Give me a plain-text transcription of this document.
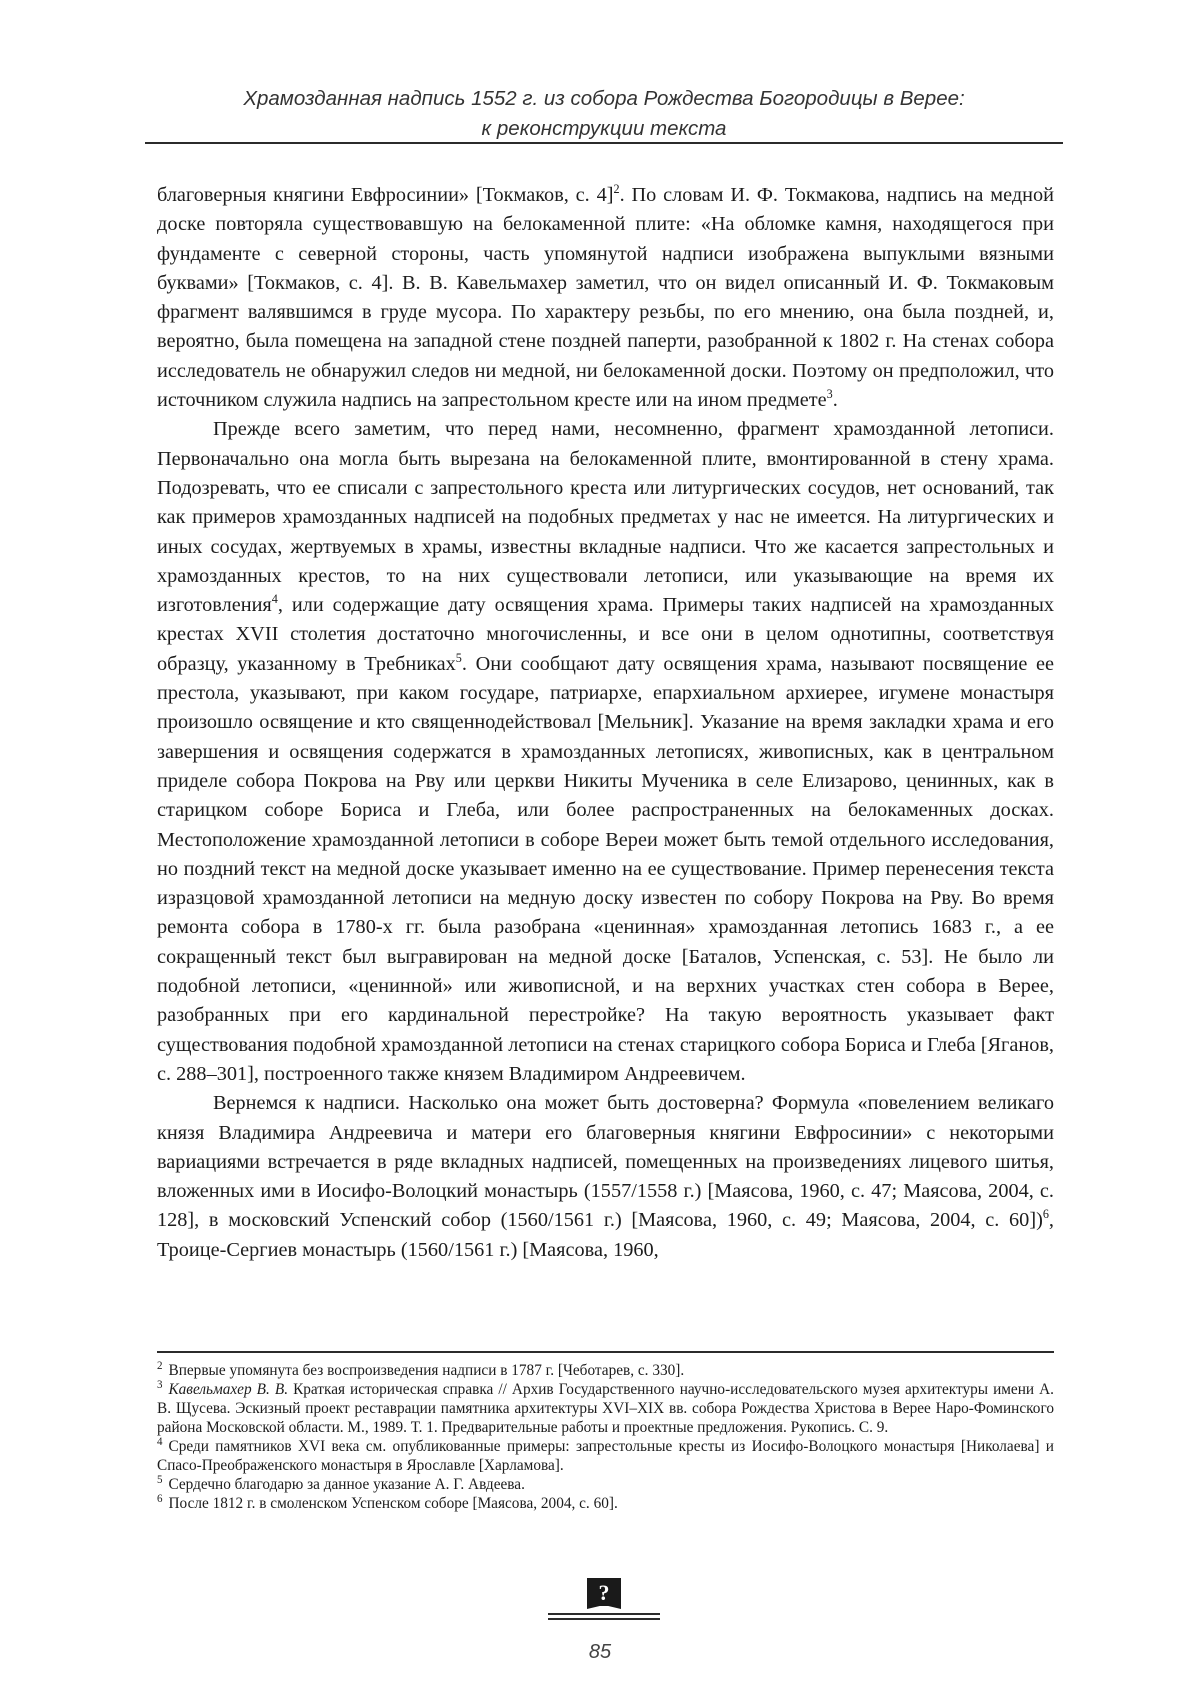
Храмозданная надпись 1552 г. из собора Рождества Богородицы в Верее:
к реконструкции текста

благоверныя княгини Евфросинии» [Токмаков, с. 4]$^2$. По словам И. Ф. Токмакова, надпись на медной доске повторяла существовавшую на белокаменной плите: «На обломке камня, находящегося при фундаменте с северной стороны, часть упомянутой надписи изображена выпуклыми вязными буквами» [Токмаков, с. 4]. В. В. Кавельмахер заметил, что он видел описанный И. Ф. Токмаковым фрагмент валявшимся в груде мусора. По характеру резьбы, по его мнению, она была поздней, и, вероятно, была помещена на западной стене поздней паперти, разобранной к 1802 г. На стенах собора исследователь не обнаружил следов ни медной, ни белокаменной доски. Поэтому он предположил, что источником служила надпись на запрестольном кресте или на ином предмете$^3$.

Прежде всего заметим, что перед нами, несомненно, фрагмент храмозданной летописи. Первоначально она могла быть вырезана на белокаменной плите, вмонтированной в стену храма. Подозревать, что ее списали с запрестольного креста или литургических сосудов, нет оснований, так как примеров храмозданных надписей на подобных предметах у нас не имеется. На литургических и иных сосудах, жертвуемых в храмы, известны вкладные надписи. Что же касается запрестольных и храмозданных крестов, то на них существовали летописи, или указывающие на время их изготовления$^4$, или содержащие дату освящения храма. Примеры таких надписей на храмозданных крестах XVII столетия достаточно многочисленны, и все они в целом однотипны, соответствуя образцу, указанному в Требниках$^5$. Они сообщают дату освящения храма, называют посвящение ее престола, указывают, при каком государе, патриархе, епархиальном архиерее, игумене монастыря произошло освящение и кто священнодействовал [Мельник]. Указание на время закладки храма и его завершения и освящения содержатся в храмозданных летописях, живописных, как в центральном приделе собора Покрова на Рву или церкви Никиты Мученика в селе Елизарово, ценинных, как в старицком соборе Бориса и Глеба, или более распространенных на белокаменных досках. Местоположение храмозданной летописи в соборе Вереи может быть темой отдельного исследования, но поздний текст на медной доске указывает именно на ее существование. Пример перенесения текста изразцовой храмозданной летописи на медную доску известен по собору Покрова на Рву. Во время ремонта собора в 1780-х гг. была разобрана «ценинная» храмозданная летопись 1683 г., а ее сокращенный текст был выгравирован на медной доске [Баталов, Успенская, с. 53]. Не было ли подобной летописи, «ценинной» или живописной, и на верхних участках стен собора в Верее, разобранных при его кардинальной перестройке? На такую вероятность указывает факт существования подобной храмозданной летописи на стенах старицкого собора Бориса и Глеба [Яганов, с. 288–301], построенного также князем Владимиром Андреевичем.

Вернемся к надписи. Насколько она может быть достоверна? Формула «повелением великаго князя Владимира Андреевича и матери его благоверныя княгини Евфросинии» с некоторыми вариациями встречается в ряде вкладных надписей, помещенных на произведениях лицевого шитья, вложенных ими в Иосифо-Волоцкий монастырь (1557/1558 г.) [Маясова, 1960, с. 47; Маясова, 2004, с. 128], в московский Успенский собор (1560/1561 г.) [Маясова, 1960, с. 49; Маясова, 2004, с. 60])$^6$, Троице-Сергиев монастырь (1560/1561 г.) [Маясова, 1960,

$^2$ Впервые упомянута без воспроизведения надписи в 1787 г. [Чеботарев, с. 330].

$^3$ Кавельмахер В. В. Краткая историческая справка // Архив Государственного научно-исследовательского музея архитектуры имени А. В. Щусева. Эскизный проект реставрации памятника архитектуры XVI–XIX вв. собора Рождества Христова в Верее Наро-Фоминского района Московской области. М., 1989. Т. 1. Предварительные работы и проектные предложения. Рукопись. С. 9.

$^4$ Среди памятников XVI века см. опубликованные примеры: запрестольные кресты из Иосифо-Волоцкого монастыря [Николаева] и Спасо-Преображенского монастыря в Ярославле [Харламова].

$^5$ Сердечно благодарю за данное указание А. Г. Авдеева.

$^6$ После 1812 г. в смоленском Успенском соборе [Маясова, 2004, с. 60].

?
85
